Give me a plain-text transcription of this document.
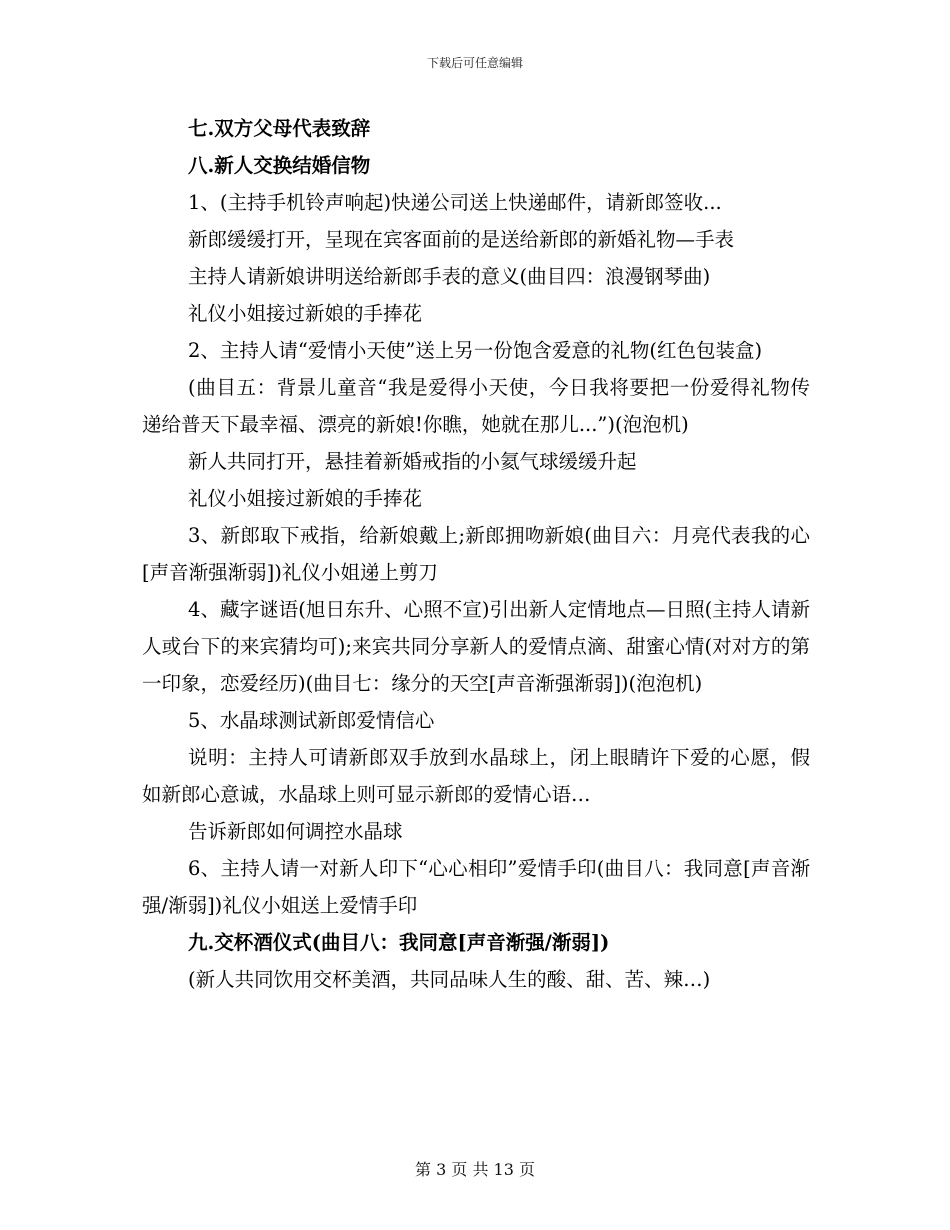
下载后可任意编辑
七.双方父母代表致辞
八.新人交换结婚信物
1、(主持手机铃声响起)快递公司送上快递邮件，请新郎签收...
新郎缓缓打开，呈现在宾客面前的是送给新郎的新婚礼物—手表
主持人请新娘讲明送给新郎手表的意义(曲目四：浪漫钢琴曲)
礼仪小姐接过新娘的手捧花
2、主持人请“爱情小天使”送上另一份饱含爱意的礼物(红色包装盒)
(曲目五：背景儿童音“我是爱得小天使，今日我将要把一份爱得礼物传递给普天下最幸福、漂亮的新娘!你瞧，她就在那儿...”)(泡泡机)
新人共同打开，悬挂着新婚戒指的小氦气球缓缓升起
礼仪小姐接过新娘的手捧花
3、新郎取下戒指，给新娘戴上;新郎拥吻新娘(曲目六：月亮代表我的心[声音渐强渐弱])礼仪小姐递上剪刀
4、藏字谜语(旭日东升、心照不宣)引出新人定情地点—日照(主持人请新人或台下的来宾猜均可);来宾共同分享新人的爱情点滴、甜蜜心情(对对方的第一印象，恋爱经历)(曲目七：缘分的天空[声音渐强渐弱])(泡泡机)
5、水晶球测试新郎爱情信心
说明：主持人可请新郎双手放到水晶球上，闭上眼睛许下爱的心愿，假如新郎心意诚，水晶球上则可显示新郎的爱情心语…
告诉新郎如何调控水晶球
6、主持人请一对新人印下“心心相印”爱情手印(曲目八：我同意[声音渐强/渐弱])礼仪小姐送上爱情手印
九.交杯酒仪式(曲目八：我同意[声音渐强/渐弱])
(新人共同饮用交杯美酒，共同品味人生的酸、甜、苦、辣…)
第 3 页 共 13 页
